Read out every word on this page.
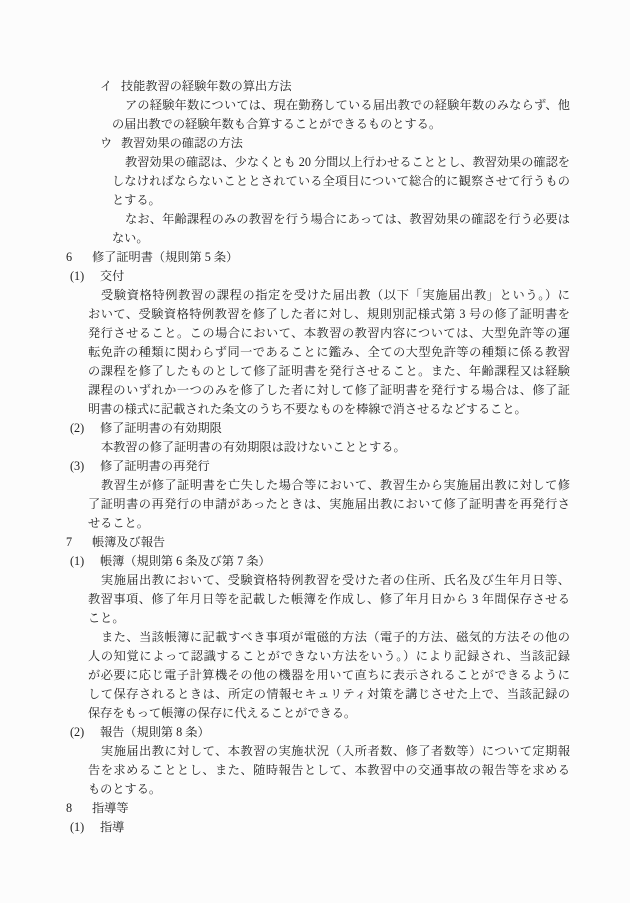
イ 技能教習の経験年数の算出方法
アの経験年数については、現在勤務している届出教での経験年数のみならず、他
の届出教での経験年数も合算することができるものとする。
ウ 教習効果の確認の方法
教習効果の確認は、少なくとも 20 分間以上行わせることとし、教習効果の確認を
しなければならないこととされている全項目について総合的に観察させて行うもの
とする。
なお、年齢課程のみの教習を行う場合にあっては、教習効果の確認を行う必要は
ない。
6 修了証明書（規則第 5 条）
(1) 交付
受験資格特例教習の課程の指定を受けた届出教（以下「実施届出教」という。）に
おいて、受験資格特例教習を修了した者に対し、規則別記様式第 3 号の修了証明書を
発行させること。この場合において、本教習の教習内容については、大型免許等の運
転免許の種類に関わらず同一であることに鑑み、全ての大型免許等の種類に係る教習
の課程を修了したものとして修了証明書を発行させること。また、年齢課程又は経験
課程のいずれか一つのみを修了した者に対して修了証明書を発行する場合は、修了証
明書の様式に記載された条文のうち不要なものを棒線で消させるなどすること。
(2) 修了証明書の有効期限
本教習の修了証明書の有効期限は設けないこととする。
(3) 修了証明書の再発行
教習生が修了証明書を亡失した場合等において、教習生から実施届出教に対して修
了証明書の再発行の申請があったときは、実施届出教において修了証明書を再発行さ
せること。
7 帳簿及び報告
(1) 帳簿（規則第 6 条及び第 7 条）
実施届出教において、受験資格特例教習を受けた者の住所、氏名及び生年月日等、
教習事項、修了年月日等を記載した帳簿を作成し、修了年月日から 3 年間保存させる
こと。
また、当該帳簿に記載すべき事項が電磁的方法（電子的方法、磁気的方法その他の
人の知覚によって認識することができない方法をいう。）により記録され、当該記録
が必要に応じ電子計算機その他の機器を用いて直ちに表示されることができるように
して保存されるときは、所定の情報セキュリティ対策を講じさせた上で、当該記録の
保存をもって帳簿の保存に代えることができる。
(2) 報告（規則第 8 条）
実施届出教に対して、本教習の実施状況（入所者数、修了者数等）について定期報
告を求めることとし、また、随時報告として、本教習中の交通事故の報告等を求める
ものとする。
8 指導等
(1) 指導
